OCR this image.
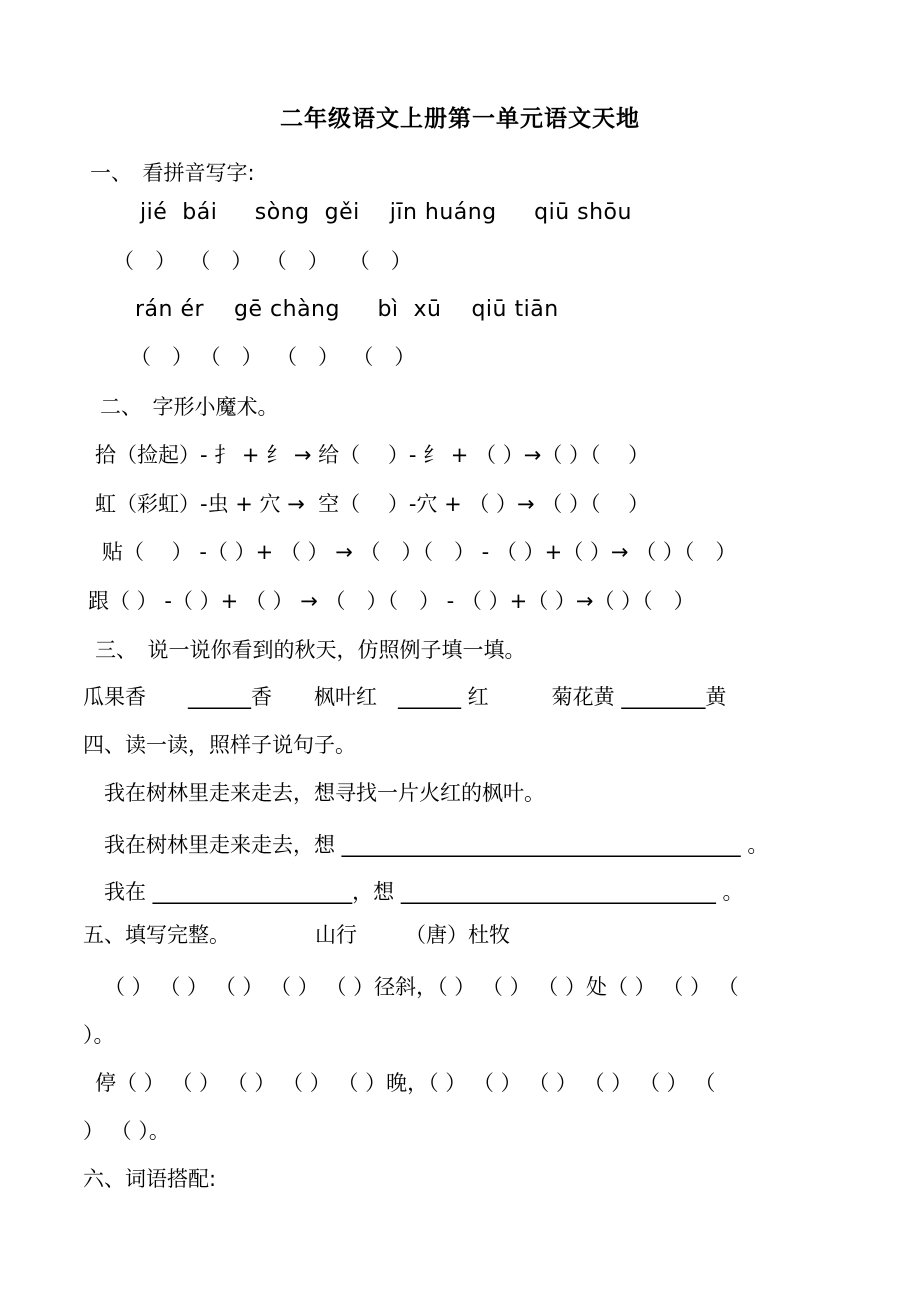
二年级语文上册第一单元语文天地
一、　看拼音写字:
jié  bái　  sòng  gěi　 jīn huáng　  qiū shōu
（　）  （　）  （　）   （　）
rán ér　 gē chàng　  bì  xū　 qiū tiān
（　） （　）  （　）  （　）
二、　字形小魔术。
拾（捡起）- 扌 + 纟 → 给（　 ）- 纟 + （ ）→（ ）（　 ）
虹（彩虹）-虫 + 穴 →  空（　 ）-穴 + （ ）→ （ ）（　 ）
贴（　 ） -（ ）+ （ ） → （　）（　） - （ ）+（ ）→ （ ）（　）
跟（ ） -（ ）+ （ ） → （　）（　） - （ ）+（ ）→（ ）（　）
三、　说一说你看到的秋天，仿照例子填一填。
瓜果香　　______香　　枫叶红　______ 红　　　菊花黄 ________黄
四、读一读，照样子说句子。
我在树林里走来走去，想寻找一片火红的枫叶。
我在树林里走来走去，想 ______________________________________ 。
我在 ___________________，想 ______________________________ 。
五、填写完整。	山行 （唐）杜牧
（ ） （ ） （ ） （ ） （ ）径斜，（ ） （ ） （ ）处（ ） （ ） （
）。
停（ ） （ ） （ ） （ ） （ ）晚，（ ） （ ） （ ） （ ） （ ） （
） （ ）。
六、词语搭配:
